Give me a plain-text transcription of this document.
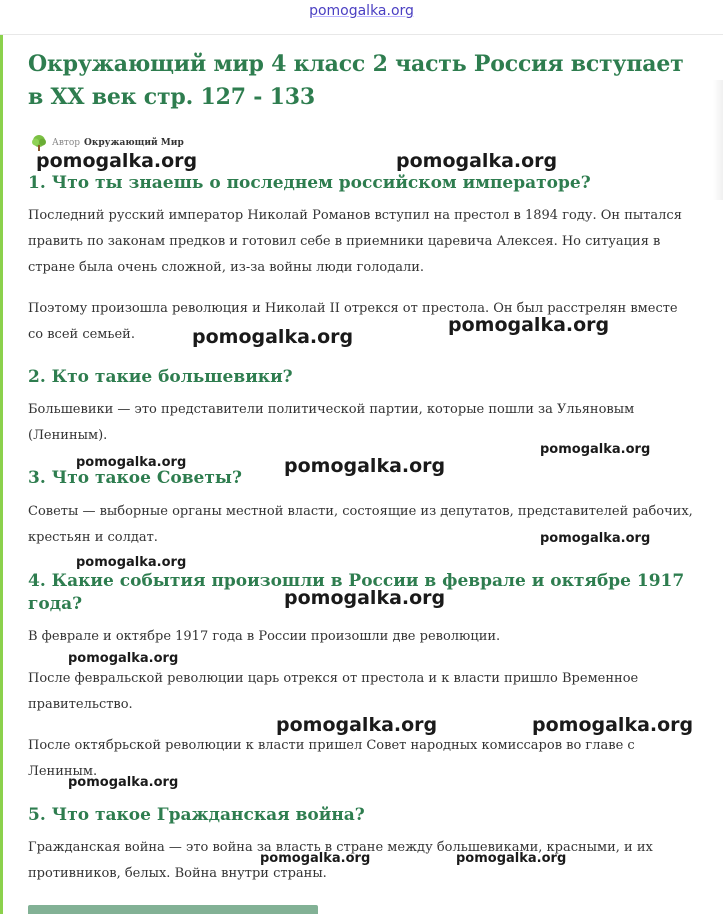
pomogalka.org
Окружающий мир 4 класс 2 часть Россия вступает в XX век стр. 127 - 133
Автор Окружающий Мир
1. Что ты знаешь о последнем российском императоре?
Последний русский император Николай Романов вступил на престол в 1894 году. Он пытался править по законам предков и готовил себе в приемники царевича Алексея. Но ситуация в стране была очень сложной, из-за войны люди голодали.
Поэтому произошла революция и Николай II отрекся от престола. Он был расстрелян вместе со всей семьей.
2. Кто такие большевики?
Большевики — это представители политической партии, которые пошли за Ульяновым (Лениным).
3. Что такое Советы?
Советы — выборные органы местной власти, состоящие из депутатов, представителей рабочих, крестьян и солдат.
4. Какие события произошли в России в феврале и октябре 1917 года?
В феврале и октябре 1917 года в России произошли две революции.
После февральской революции царь отрекся от престола и к власти пришло Временное правительство.
После октябрьской революции к власти пришел Совет народных комиссаров во главе с Лениным.
5. Что такое Гражданская война?
Гражданская война — это война за власть в стране между большевиками, красными, и их противников, белых. Война внутри страны.
pomogalka.org	pomogalka.org
pomogalka.org
pomogalka.org
pomogalka.org
pomogalka.org	pomogalka.org
pomogalka.org
pomogalka.org
pomogalka.org
pomogalka.org
pomogalka.org	pomogalka.org
pomogalka.org
pomogalka.org	pomogalka.org
